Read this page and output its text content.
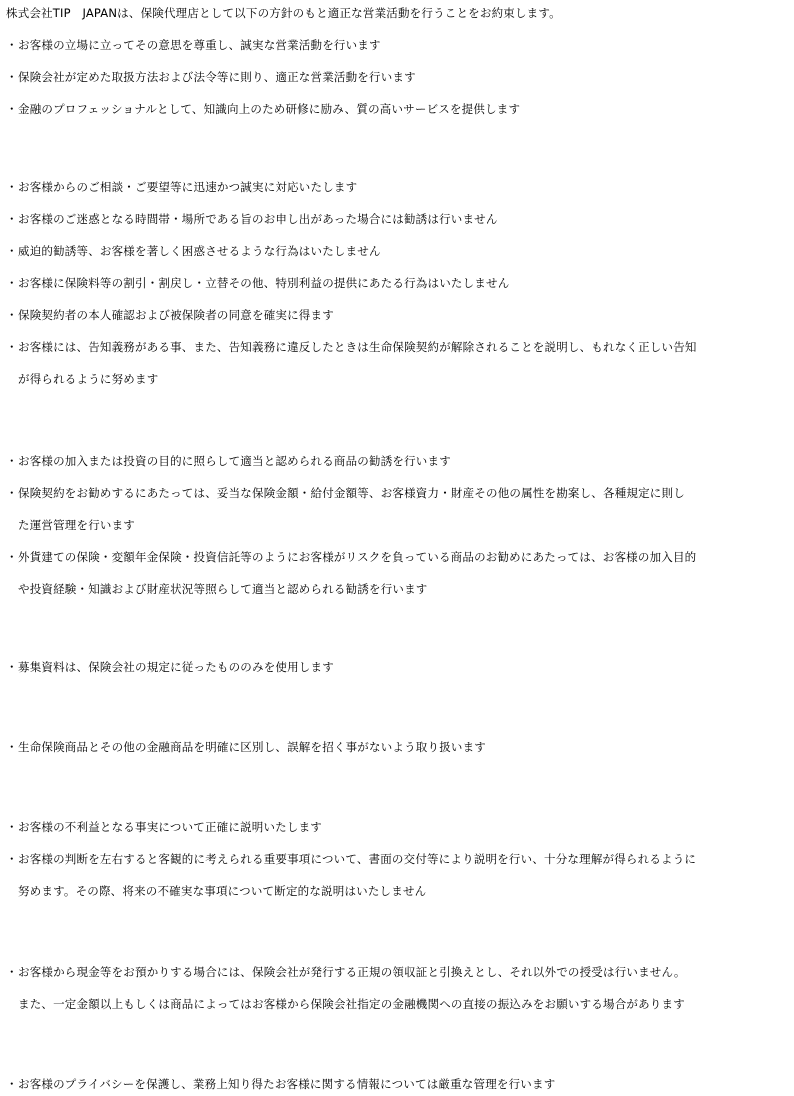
株式会社TIP　JAPANは、保険代理店として以下の方針のもと適正な営業活動を行うことをお約束します。
・ お客様の立場に立ってその意思を尊重し、誠実な営業活動を行います
・ 保険会社が定めた取扱方法および法令等に則り、適正な営業活動を行います
・ 金融のプロフェッショナルとして、知識向上のため研修に励み、質の高いサービスを提供します
・ お客様からのご相談・ご要望等に迅速かつ誠実に対応いたします
・ お客様のご迷惑となる時間帯・場所である旨のお申し出があった場合には勧誘は行いません
・ 威迫的勧誘等、お客様を著しく困惑させるような行為はいたしません
・ お客様に保険料等の割引・割戻し・立替その他、特別利益の提供にあたる行為はいたしません
・ 保険契約者の本人確認および被保険者の同意を確実に得ます
・ お客様には、告知義務がある事、また、告知義務に違反したときは生命保険契約が解除されることを説明し、もれなく正しい告知
が得られるように努めます
・ お客様の加入または投資の目的に照らして適当と認められる商品の勧誘を行います
・ 保険契約をお勧めするにあたっては、妥当な保険金額・給付金額等、お客様資力・財産その他の属性を勘案し、各種規定に則し
た運営管理を行います
・ 外貨建ての保険・変額年金保険・投資信託等のようにお客様がリスクを負っている商品のお勧めにあたっては、お客様の加入目的
や投資経験・知識および財産状況等照らして適当と認められる勧誘を行います
・ 募集資料は、保険会社の規定に従ったもののみを使用します
・ 生命保険商品とその他の金融商品を明確に区別し、誤解を招く事がないよう取り扱います
・ お客様の不利益となる事実について正確に説明いたします
・ お客様の判断を左右すると客観的に考えられる重要事項について、書面の交付等により説明を行い、十分な理解が得られるように
努めます。その際、将来の不確実な事項について断定的な説明はいたしません
・ お客様から現金等をお預かりする場合には、保険会社が発行する正規の領収証と引換えとし、それ以外での授受は行いません。
また、一定金額以上もしくは商品によってはお客様から保険会社指定の金融機関への直接の振込みをお願いする場合があります
・ お客様のプライバシーを保護し、業務上知り得たお客様に関する情報については厳重な管理を行います
